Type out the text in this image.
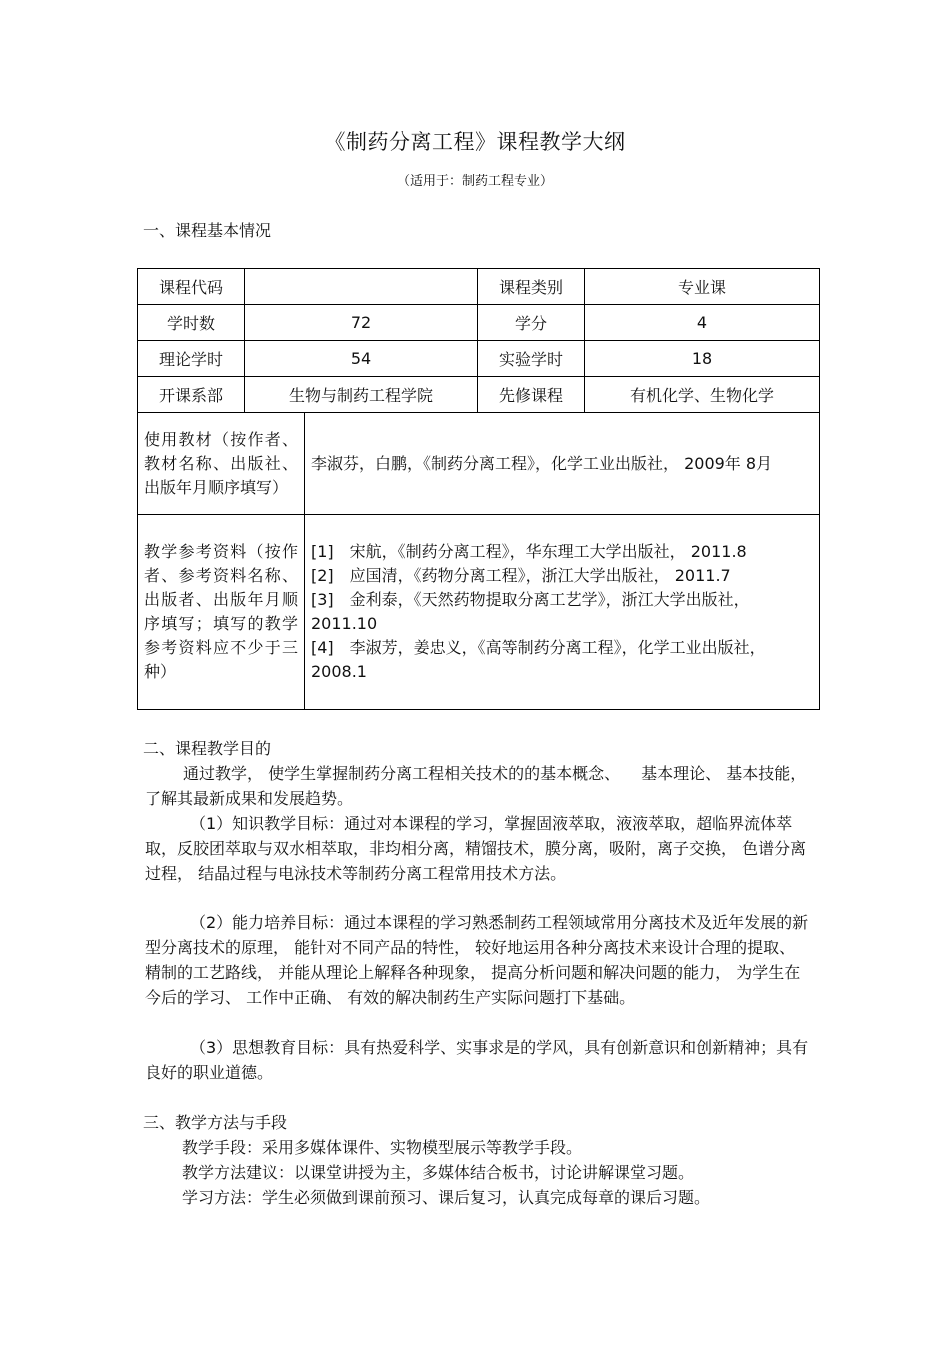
《制药分离工程》课程教学大纲
（适用于：制药工程专业）
一、课程基本情况
课程代码			课程类别	专业课
学时数	72		学分	4
理论学时	54		实验学时	18
开课系部	生物与制药工程学院		先修课程	有机化学、生物化学
使用教材（按作者、教材名称、出版社、出版年月顺序填写）		李淑芬，白鹏，《制药分离工程》，化学工业出版社， 2009年 8月		
教学参考资料（按作者、参考资料名称、出版者、出版年月顺序填写；填写的教学参考资料应不少于三种）		[1]　宋航，《制药分离工程》，华东理工大学出版社， 2011.8
[2]　应国清，《药物分离工程》，浙江大学出版社， 2011.7
[3]　金利泰，《天然药物提取分离工艺学》，浙江大学出版社， 2011.10
[4]　李淑芳，姜忠义，《高等制药分离工程》，化学工业出版社， 2008.1		
二、课程教学目的
通过教学， 使学生掌握制药分离工程相关技术的的基本概念、 　基本理论、 基本技能，了解其最新成果和发展趋势。
（1）知识教学目标：通过对本课程的学习，掌握固液萃取，液液萃取，超临界流体萃取，反胶团萃取与双水相萃取，非均相分离，精馏技术，膜分离，吸附，离子交换， 色谱分离过程， 结晶过程与电泳技术等制药分离工程常用技术方法。
（2）能力培养目标：通过本课程的学习熟悉制药工程领域常用分离技术及近年发展的新型分离技术的原理， 能针对不同产品的特性， 较好地运用各种分离技术来设计合理的提取、 精制的工艺路线， 并能从理论上解释各种现象， 提高分析问题和解决问题的能力， 为学生在今后的学习、 工作中正确、 有效的解决制药生产实际问题打下基础。
（3）思想教育目标：具有热爱科学、实事求是的学风，具有创新意识和创新精神；具有良好的职业道德。
三、教学方法与手段
教学手段：采用多媒体课件、实物模型展示等教学手段。
教学方法建议：以课堂讲授为主，多媒体结合板书，讨论讲解课堂习题。
学习方法：学生必须做到课前预习、课后复习，认真完成每章的课后习题。
